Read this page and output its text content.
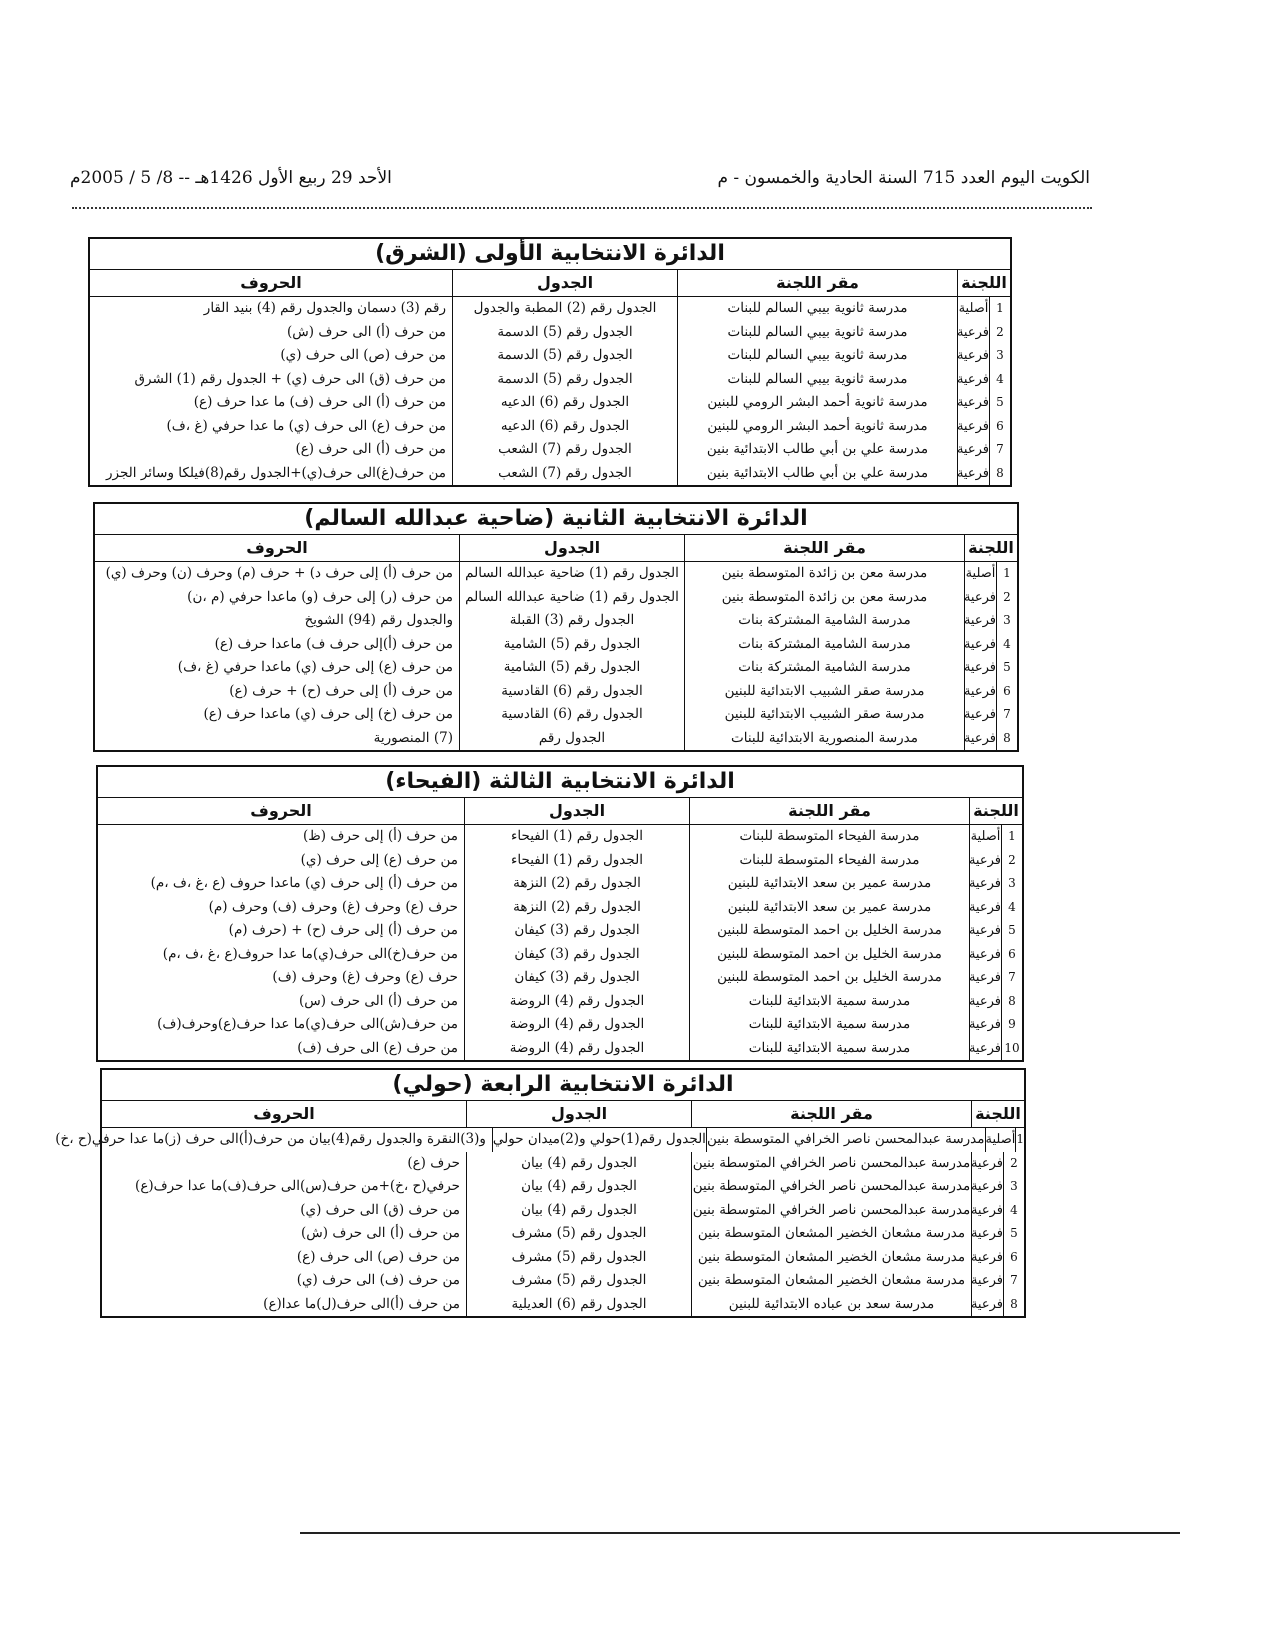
الكويت اليوم العدد 715 السنة الحادية والخمسون - م
الأحد 29 ربيع الأول 1426هـ -- 8/ 5 / 2005م
الدائرة الانتخابية الأولى (الشرق)
اللجنة
مقر اللجنة
الجدول
الحروف
1
أصلية
مدرسة ثانوية بيبي السالم للبنات
الجدول رقم (2) المطبة والجدول
رقم (3) دسمان والجدول رقم (4) بنيد القار
2
فرعية
مدرسة ثانوية بيبي السالم للبنات
الجدول رقم (5) الدسمة
من حرف (أ) الى حرف (ش)
3
فرعية
مدرسة ثانوية بيبي السالم للبنات
الجدول رقم (5) الدسمة
من حرف (ص) الى حرف (ي)
4
فرعية
مدرسة ثانوية بيبي السالم للبنات
الجدول رقم (5) الدسمة
من حرف (ق) الى حرف (ي) + الجدول رقم (1) الشرق
5
فرعية
مدرسة ثانوية أحمد البشر الرومي للبنين
الجدول رقم (6) الدعيه
من حرف (أ) الى حرف (ف) ما عدا حرف (ع)
6
فرعية
مدرسة ثانوية أحمد البشر الرومي للبنين
الجدول رقم (6) الدعيه
من حرف (ع) الى حرف (ي) ما عدا حرفي (غ ،ف)
7
فرعية
مدرسة علي بن أبي طالب الابتدائية بنين
الجدول رقم (7) الشعب
من حرف (أ) الى حرف (ع)
8
فرعية
مدرسة علي بن أبي طالب الابتدائية بنين
الجدول رقم (7) الشعب
من حرف(غ)الى حرف(ي)+الجدول رقم(8)فيلكا وسائر الجزر
الدائرة الانتخابية الثانية (ضاحية عبدالله السالم)
اللجنة
مقر اللجنة
الجدول
الحروف
1
أصلية
مدرسة معن بن زائدة المتوسطة بنين
الجدول رقم (1) ضاحية عبدالله السالم
من حرف (أ) إلى حرف د) + حرف (م) وحرف (ن) وحرف (ي)
2
فرعية
مدرسة معن بن زائدة المتوسطة بنين
الجدول رقم (1) ضاحية عبدالله السالم
من حرف (ر) إلى حرف (و) ماعدا حرفي (م ،ن)
3
فرعية
مدرسة الشامية المشتركة بنات
الجدول رقم (3) القبلة
والجدول رقم (94) الشويخ
4
فرعية
مدرسة الشامية المشتركة بنات
الجدول رقم (5) الشامية
من حرف (أ)إلى حرف ف) ماعدا حرف (ع)
5
فرعية
مدرسة الشامية المشتركة بنات
الجدول رقم (5) الشامية
من حرف (ع) إلى حرف (ي) ماعدا حرفي (غ ،ف)
6
فرعية
مدرسة صقر الشبيب الابتدائية للبنين
الجدول رقم (6) القادسية
من حرف (أ) إلى حرف (ح) + حرف (ع)
7
فرعية
مدرسة صقر الشبيب الابتدائية للبنين
الجدول رقم (6) القادسية
من حرف (خ) إلى حرف (ي) ماعدا حرف (ع)
8
فرعية
مدرسة المنصورية الابتدائية للبنات
الجدول رقم
(7) المنصورية
الدائرة الانتخابية الثالثة (الفيحاء)
اللجنة
مقر اللجنة
الجدول
الحروف
1
أصلية
مدرسة الفيحاء المتوسطة للبنات
الجدول رقم (1) الفيحاء
من حرف (أ) إلى حرف (ظ)
2
فرعية
مدرسة الفيحاء المتوسطة للبنات
الجدول رقم (1) الفيحاء
من حرف (ع) إلى حرف (ي)
3
فرعية
مدرسة عمير بن سعد الابتدائية للبنين
الجدول رقم (2) النزهة
من حرف (أ) إلى حرف (ي) ماعدا حروف (ع ،غ ،ف ،م)
4
فرعية
مدرسة عمير بن سعد الابتدائية للبنين
الجدول رقم (2) النزهة
حرف (ع) وحرف (غ) وحرف (ف) وحرف (م)
5
فرعية
مدرسة الخليل بن احمد المتوسطة للبنين
الجدول رقم (3) كيفان
من حرف (أ) إلى حرف (ح) + (حرف (م)
6
فرعية
مدرسة الخليل بن احمد المتوسطة للبنين
الجدول رقم (3) كيفان
من حرف(خ)الى حرف(ي)ما عدا حروف(ع ،غ ،ف ،م)
7
فرعية
مدرسة الخليل بن احمد المتوسطة للبنين
الجدول رقم (3) كيفان
حرف (ع) وحرف (غ) وحرف (ف)
8
فرعية
مدرسة سمية الابتدائية للبنات
الجدول رقم (4) الروضة
من حرف (أ) الى حرف (س)
9
فرعية
مدرسة سمية الابتدائية للبنات
الجدول رقم (4) الروضة
من حرف(ش)الى حرف(ي)ما عدا حرف(ع)وحرف(ف)
10
فرعية
مدرسة سمية الابتدائية للبنات
الجدول رقم (4) الروضة
من حرف (ع) الى حرف (ف)
الدائرة الانتخابية الرابعة (حولي)
اللجنة
مقر اللجنة
الجدول
الحروف
1
أصلية
مدرسة عبدالمحسن ناصر الخرافي المتوسطة بنين
الجدول رقم(1)حولي و(2)ميدان حولي
و(3)النقرة والجدول رقم(4)بيان من حرف(أ)الى حرف (ز)ما عدا حرفي(ح ،خ)
2
فرعية
مدرسة عبدالمحسن ناصر الخرافي المتوسطة بنين
الجدول رقم (4) بيان
حرف (ع)
3
فرعية
مدرسة عبدالمحسن ناصر الخرافي المتوسطة بنين
الجدول رقم (4) بيان
حرفي(ح ،خ)+من حرف(س)الى حرف(ف)ما عدا حرف(ع)
4
فرعية
مدرسة عبدالمحسن ناصر الخرافي المتوسطة بنين
الجدول رقم (4) بيان
من حرف (ق) الى حرف (ي)
5
فرعية
مدرسة مشعان الخضير المشعان المتوسطة بنين
الجدول رقم (5) مشرف
من حرف (أ) الى حرف (ش)
6
فرعية
مدرسة مشعان الخضير المشعان المتوسطة بنين
الجدول رقم (5) مشرف
من حرف (ص) الى حرف (ع)
7
فرعية
مدرسة مشعان الخضير المشعان المتوسطة بنين
الجدول رقم (5) مشرف
من حرف (ف) الى حرف (ي)
8
فرعية
مدرسة سعد بن عباده الابتدائية للبنين
الجدول رقم (6) العديلية
من حرف (أ)الى حرف(ل)ما عدا(ع)
